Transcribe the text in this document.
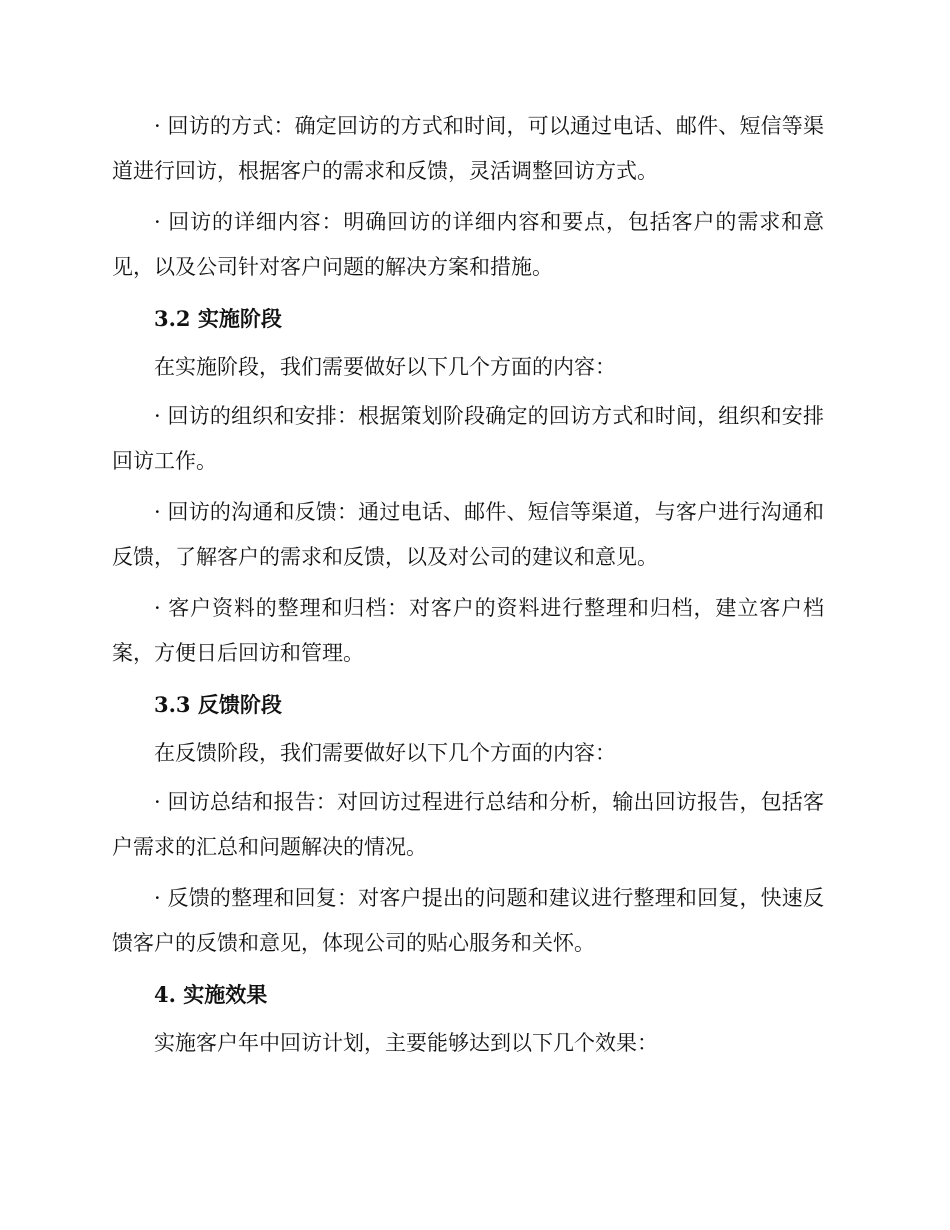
· 回访的方式：确定回访的方式和时间，可以通过电话、邮件、短信等渠道进行回访，根据客户的需求和反馈，灵活调整回访方式。

· 回访的详细内容：明确回访的详细内容和要点，包括客户的需求和意见，以及公司针对客户问题的解决方案和措施。

3.2 实施阶段

在实施阶段，我们需要做好以下几个方面的内容：

· 回访的组织和安排：根据策划阶段确定的回访方式和时间，组织和安排回访工作。

· 回访的沟通和反馈：通过电话、邮件、短信等渠道，与客户进行沟通和反馈，了解客户的需求和反馈，以及对公司的建议和意见。

· 客户资料的整理和归档：对客户的资料进行整理和归档，建立客户档案，方便日后回访和管理。

3.3 反馈阶段

在反馈阶段，我们需要做好以下几个方面的内容：

· 回访总结和报告：对回访过程进行总结和分析，输出回访报告，包括客户需求的汇总和问题解决的情况。

· 反馈的整理和回复：对客户提出的问题和建议进行整理和回复，快速反馈客户的反馈和意见，体现公司的贴心服务和关怀。

4. 实施效果

实施客户年中回访计划，主要能够达到以下几个效果：
